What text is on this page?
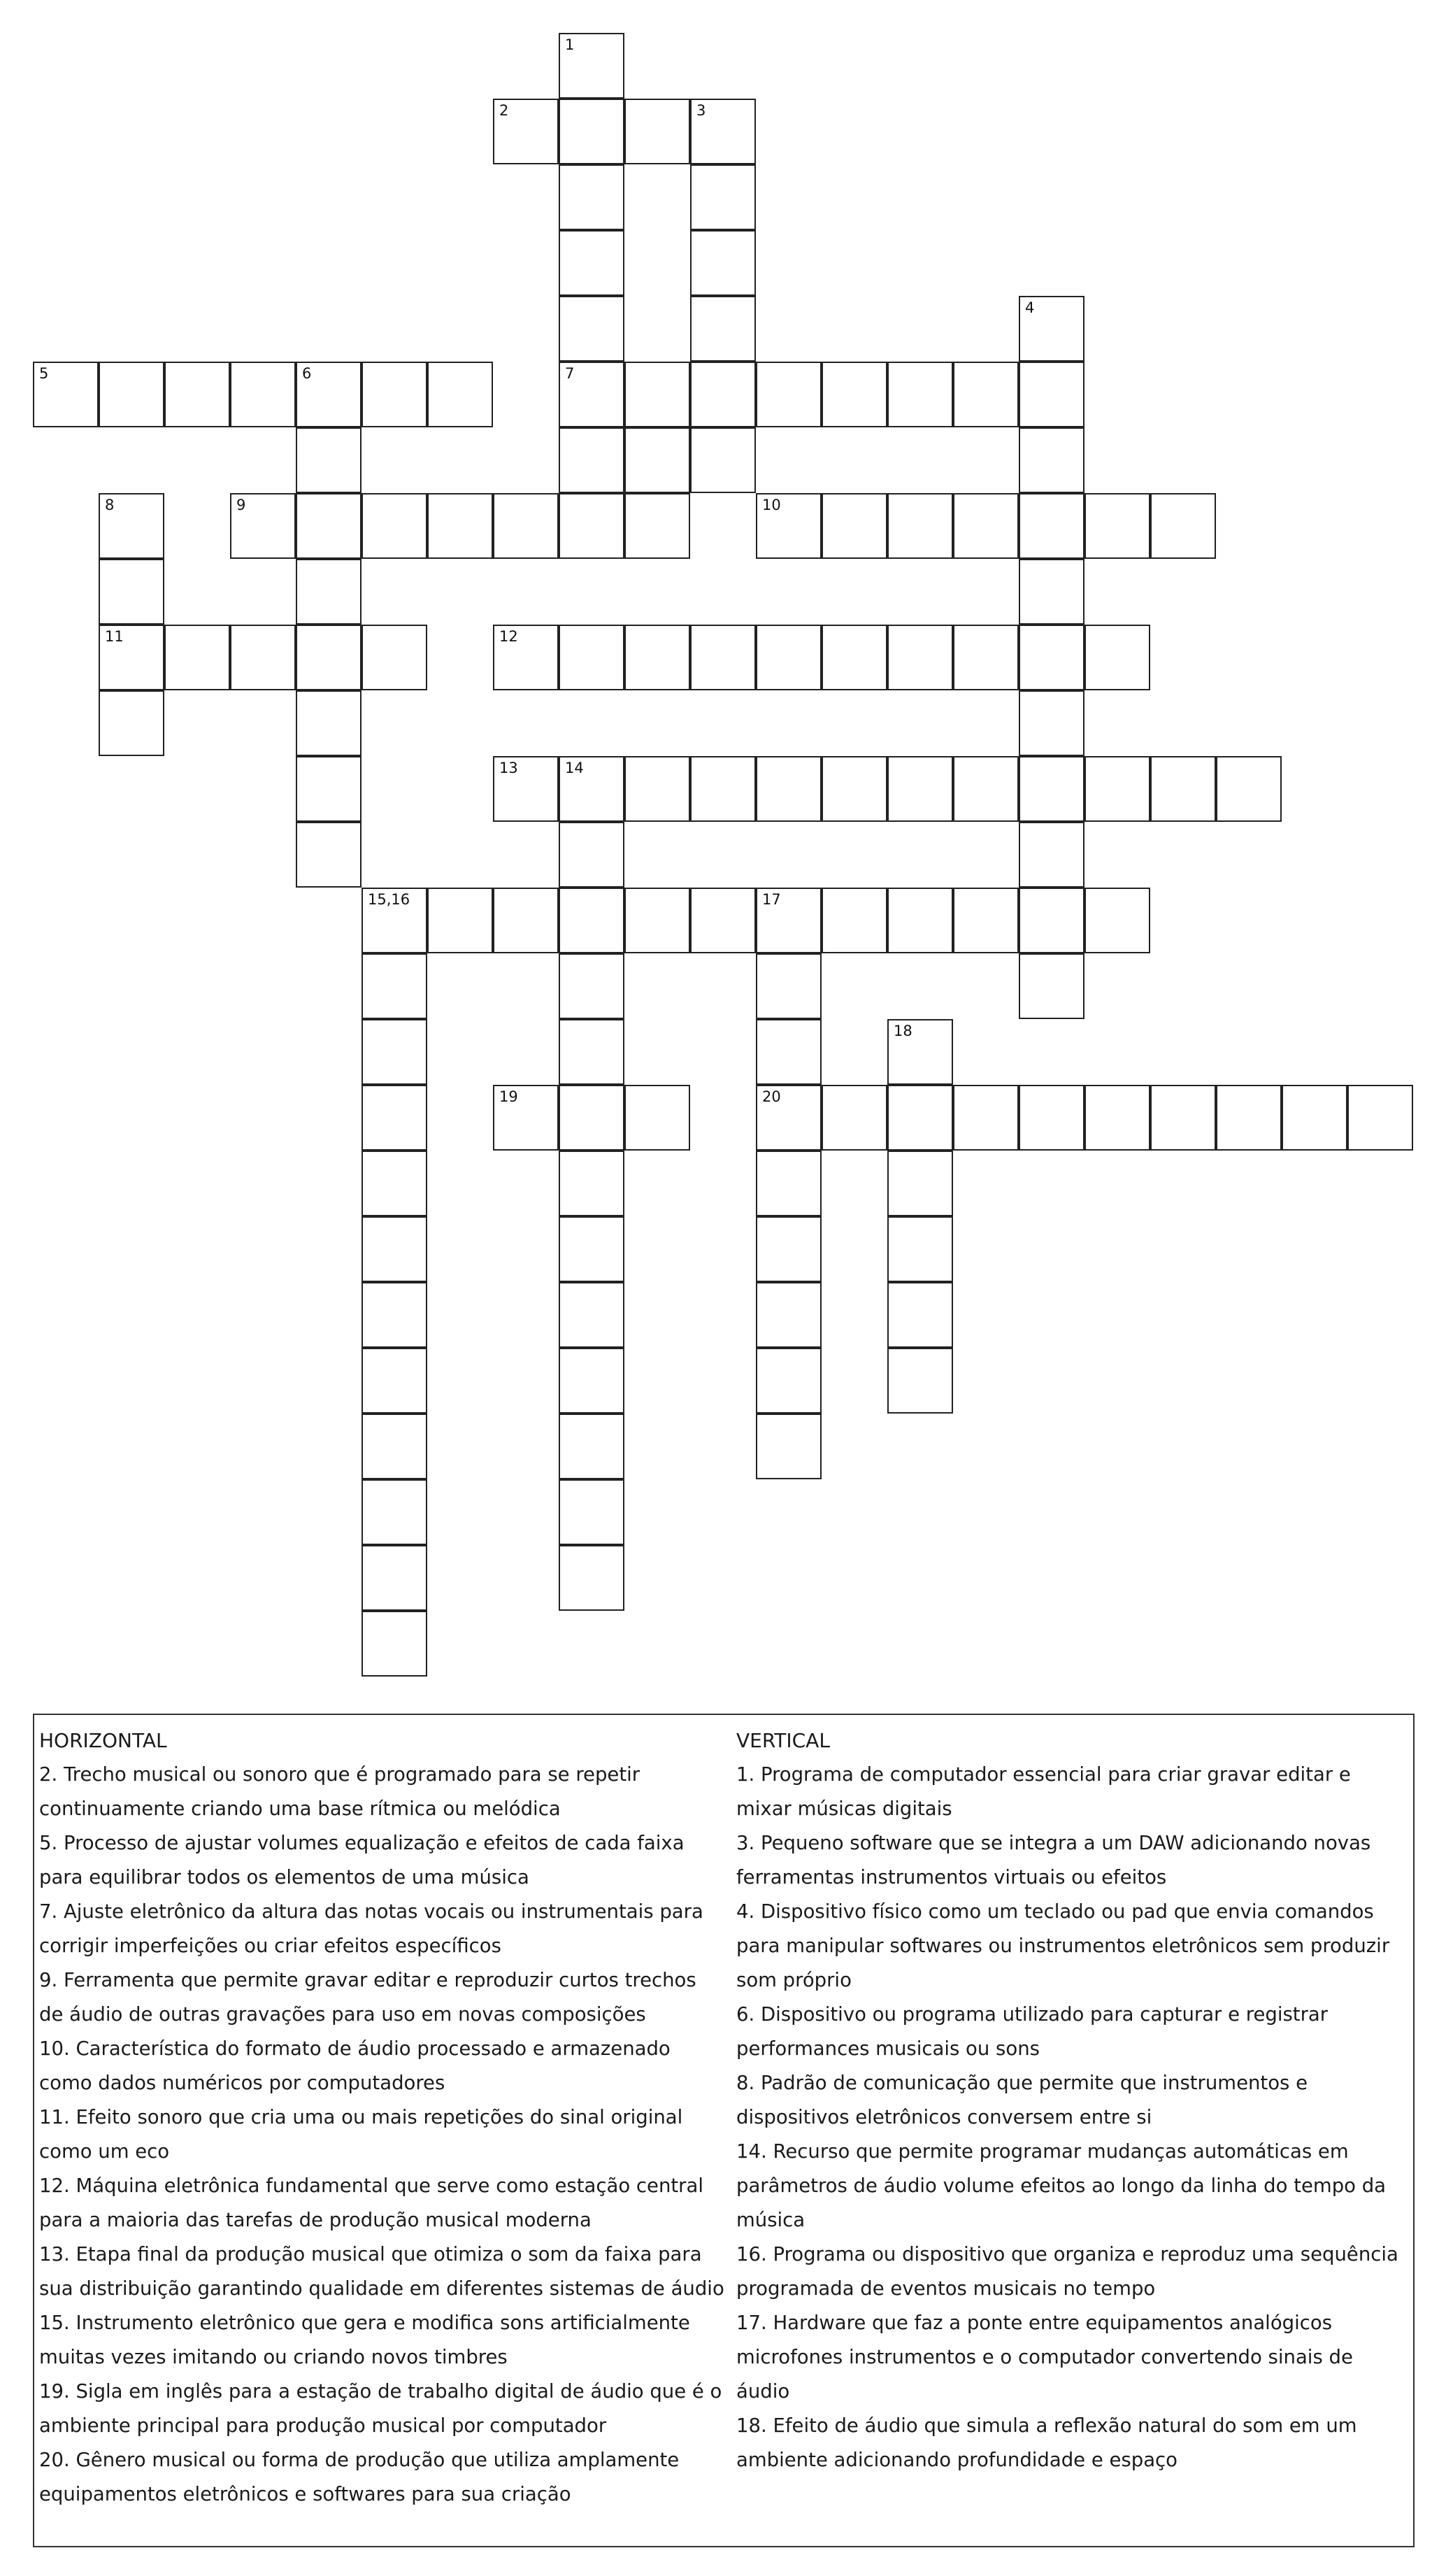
2	3
5	6	7
9	10
11	12
13	14
15,16	17
19	20
1
4
8
18

HORIZONTAL

2. Trecho musical ou sonoro que é programado para se repetir continuamente criando uma base rítmica ou melódica

5. Processo de ajustar volumes equalização e efeitos de cada faixa para equilibrar todos os elementos de uma música

7. Ajuste eletrônico da altura das notas vocais ou instrumentais para corrigir imperfeições ou criar efeitos específicos

9. Ferramenta que permite gravar editar e reproduzir curtos trechos de áudio de outras gravações para uso em novas composições

10. Característica do formato de áudio processado e armazenado como dados numéricos por computadores

11. Efeito sonoro que cria uma ou mais repetições do sinal original como um eco

12. Máquina eletrônica fundamental que serve como estação central para a maioria das tarefas de produção musical moderna

13. Etapa final da produção musical que otimiza o som da faixa para sua distribuição garantindo qualidade em diferentes sistemas de áudio

15. Instrumento eletrônico que gera e modifica sons artificialmente muitas vezes imitando ou criando novos timbres

19. Sigla em inglês para a estação de trabalho digital de áudio que é o ambiente principal para produção musical por computador

20. Gênero musical ou forma de produção que utiliza amplamente equipamentos eletrônicos e softwares para sua criação

VERTICAL

1. Programa de computador essencial para criar gravar editar e mixar músicas digitais

3. Pequeno software que se integra a um DAW adicionando novas ferramentas instrumentos virtuais ou efeitos

4. Dispositivo físico como um teclado ou pad que envia comandos para manipular softwares ou instrumentos eletrônicos sem produzir som próprio

6. Dispositivo ou programa utilizado para capturar e registrar performances musicais ou sons

8. Padrão de comunicação que permite que instrumentos e dispositivos eletrônicos conversem entre si

14. Recurso que permite programar mudanças automáticas em parâmetros de áudio volume efeitos ao longo da linha do tempo da música

16. Programa ou dispositivo que organiza e reproduz uma sequência programada de eventos musicais no tempo

17. Hardware que faz a ponte entre equipamentos analógicos microfones instrumentos e o computador convertendo sinais de áudio

18. Efeito de áudio que simula a reflexão natural do som em um ambiente adicionando profundidade e espaço
